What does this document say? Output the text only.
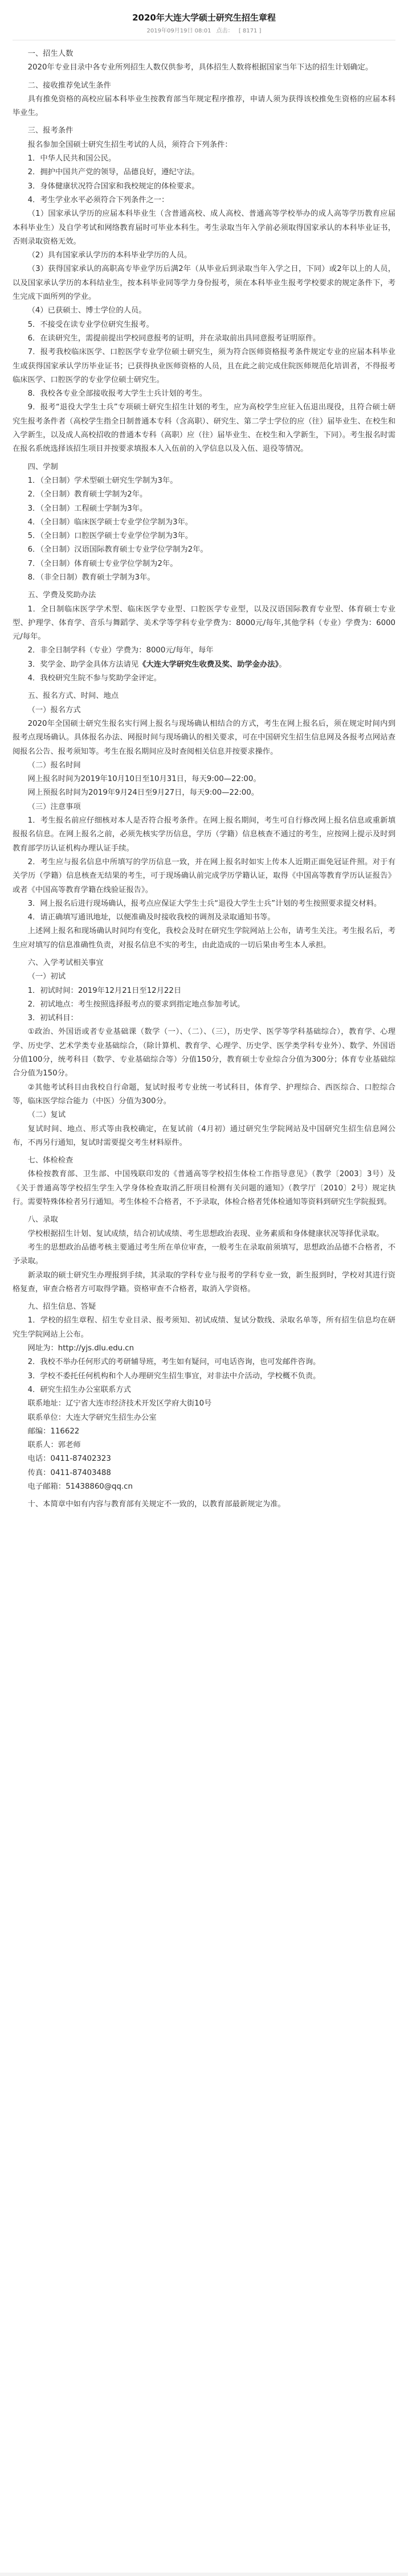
2020年大连大学硕士研究生招生章程
2019年09月19日 08:01 点击： [ 8171 ]

一、招生人数

2020年专业目录中各专业所列招生人数仅供参考，具体招生人数将根据国家当年下达的招生计划确定。

二、接收推荐免试生条件

具有推免资格的高校应届本科毕业生按教育部当年规定程序推荐，申请人须为获得该校推免生资格的应届本科毕业生。

三、报考条件

报名参加全国硕士研究生招生考试的人员，须符合下列条件：

1．中华人民共和国公民。

2．拥护中国共产党的领导，品德良好，遵纪守法。

3．身体健康状况符合国家和我校规定的体检要求。

4．考生学业水平必须符合下列条件之一：

（1）国家承认学历的应届本科毕业生（含普通高校、成人高校、普通高等学校举办的成人高等学历教育应届本科毕业生）及自学考试和网络教育届时可毕业本科生。考生录取当年入学前必须取得国家承认的本科毕业证书，否则录取资格无效。

（2）具有国家承认学历的本科毕业学历的人员。

（3）获得国家承认的高职高专毕业学历后满2年（从毕业后到录取当年入学之日，下同）或2年以上的人员，以及国家承认学历的本科结业生，按本科毕业同等学力身份报考，须在本科毕业生报考学校要求的规定条件下，考生完成下面所列的学业。

（4）已获硕士、博士学位的人员。

5．不接受在读专业学位研究生报考。

6．在读研究生，需提前提出学校同意报考的证明，并在录取前出具同意报考证明原件。

7．报考我校临床医学、口腔医学专业学位硕士研究生，须为符合医师资格报考条件规定专业的应届本科毕业生或获得国家承认学历毕业证书；已获得执业医师资格的人员，且在此之前完成住院医师规范化培训者，不得报考临床医学、口腔医学的专业学位硕士研究生。

8．我校各专业全部接收报考大学生士兵计划的考生。

9．报考“退役大学生士兵”专项硕士研究生招生计划的考生，应为高校学生应征入伍退出现役，且符合硕士研究生报考条件者（高校学生指全日制普通本专科（含高职）、研究生、第二学士学位的应（往）届毕业生、在校生和入学新生，以及成人高校招收的普通本专科（高职）应（往）届毕业生、在校生和入学新生，下同）。考生报名时需在报名系统选择该招生项目并按要求填报本人入伍前的入学信息以及入伍、退役等情况。

四、学制

1．（全日制）学术型硕士研究生学制为3年。

2．（全日制）教育硕士学制为2年。

3．（全日制）工程硕士学制为3年。

4．（全日制）临床医学硕士专业学位学制为3年。

5．（全日制）口腔医学硕士专业学位学制为3年。

6．（全日制）汉语国际教育硕士专业学位学制为2年。

7．（全日制）体育硕士专业学位学制为2年。

8．（非全日制）教育硕士学制为3年。

五、学费及奖助办法

1．全日制临床医学学术型、临床医学专业型、口腔医学专业型，以及汉语国际教育专业型、体育硕士专业型、护理学、体育学、音乐与舞蹈学、美术学等学科专业学费为：8000元/每年,其他学科（专业）学费为：6000元/每年。

2．非全日制学科（专业）学费为：8000元/每年，每年

3．奖学金、助学金具体方法请见《大连大学研究生收费及奖、助学金办法》。

4．我校研究生院不参与奖助学金评定。

五、报名方式、时间、地点

（一）报名方式

2020年全国硕士研究生报名实行网上报名与现场确认相结合的方式，考生在网上报名后，须在规定时间内到报考点现场确认。具体报名办法、网报时间与现场确认的相关要求，可在中国研究生招生信息网及各报考点网站查阅报名公告、报考须知等。考生在报名期间应及时查阅相关信息并按要求操作。

（二）报名时间

网上报名时间为2019年10月10日至10月31日，每天9:00—22:00。

网上预报名时间为2019年9月24日至9月27日，每天9:00—22:00。

（三）注意事项

1．考生报名前应仔细核对本人是否符合报考条件。在网上报名期间，考生可自行修改网上报名信息或重新填报报名信息。在网上报名之前，必须先核实学历信息，学历（学籍）信息核查不通过的考生，应按网上提示及时到教育部学历认证机构办理认证手续。

2．考生应与报名信息中所填写的学历信息一致，并在网上报名时如实上传本人近期正面免冠证件照。对于有关学历（学籍）信息核查无结果的考生，可于现场确认前完成学历学籍认证，取得《中国高等教育学历认证报告》或者《中国高等教育学籍在线验证报告》。

3．网上报名后进行现场确认，报考点应保证大学生士兵“退役大学生士兵”计划的考生按照要求提交材料。

4．请正确填写通讯地址，以便准确及时接收我校的调剂及录取通知书等。

上述网上报名和现场确认时间均有变化，我校会及时在研究生学院网站上公布，请考生关注。考生报名后，考生应对填写的信息准确性负责，对报名信息不实的考生，由此造成的一切后果由考生本人承担。

六、入学考试相关事宜

（一）初试

1．初试时间：2019年12月21日至12月22日

2．初试地点：考生按照选择报考点的要求到指定地点参加考试。

3．初试科目：

①政治、外国语或者专业基础课（数学（一）、（二）、（三），历史学、医学等学科基础综合），教育学、心理学、历史学、艺术学类专业基础综合，（除计算机、教育学、心理学、历史学、医学类学科专业外）、数学、外国语分值100分，统考科目（数学、专业基础综合等）分值150分，教育硕士专业综合分值为300分；体育专业基础综合分值为150分。

②其他考试科目由我校自行命题，复试时报考专业统一考试科目，体育学、护理综合、西医综合、口腔综合等，临床医学综合能力（中医）分值为300分。

（二）复试

复试时间、地点、形式等由我校确定，在复试前（4月初）通过研究生学院网站及中国研究生招生信息网公布，不再另行通知，复试时需要提交考生材料原件。

七、体检检查

体检按教育部、卫生部、中国残联印发的《普通高等学校招生体检工作指导意见》（教学〔2003〕3号）及《关于普通高等学校招生学生入学身体检查取消乙肝项目检测有关问题的通知》（教学厅〔2010〕2号）规定执行。需要特殊体检者另行通知。考生体检不合格者，不予录取，体检合格者凭体检通知等资料到研究生学院报到。

八、录取

学校根据招生计划、复试成绩，结合初试成绩、考生思想政治表现、业务素质和身体健康状况等择优录取。

考生的思想政治品德考核主要通过考生所在单位审查，一般考生在录取前须填写，思想政治品德不合格者，不予录取。

新录取的硕士研究生办理报到手续，其录取的学科专业与报考的学科专业一致，新生报到时，学校对其进行资格复查，审查合格者方可取得学籍。资格审查不合格者，取消入学资格。

九、招生信息、答疑

1．学校的招生章程、招生专业目录、报考须知、初试成绩、复试分数线、录取名单等，所有招生信息均在研究生学院网站上公布。

网址为：http://yjs.dlu.edu.cn

2．我校不举办任何形式的考研辅导班，考生如有疑问，可电话咨询，也可发邮件咨询。

3．学校不委托任何机构和个人办理研究生招生事宜，对非法中介活动，学校概不负责。

4．研究生招生办公室联系方式

联系地址：辽宁省大连市经济技术开发区学府大街10号

联系单位：大连大学研究生招生办公室

邮编：116622

联系人：郭老师

电话：0411-87402323

传真：0411-87403488

电子邮箱：51438860@qq.cn

十、本简章中如有内容与教育部有关规定不一致的，以教育部最新规定为准。
